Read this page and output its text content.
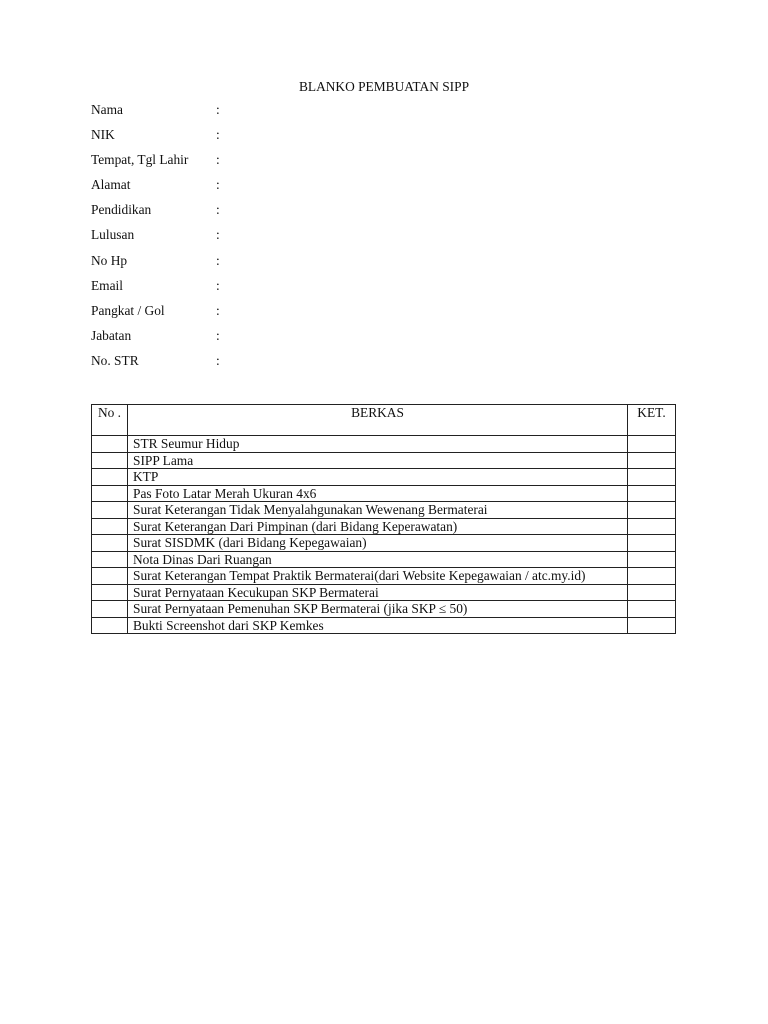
BLANKO PEMBUATAN SIPP
Nama	:
NIK	:
Tempat, Tgl Lahir :
Alamat	:
Pendidikan	:
Lulusan	:
No Hp	:
Email	:
Pangkat / Gol	:
Jabatan	:
No. STR	:
No .	BERKAS	KET.
	STR Seumur Hidup	
	SIPP Lama	
	KTP	
	Pas Foto Latar Merah Ukuran 4x6	
	Surat Keterangan Tidak Menyalahgunakan Wewenang Bermaterai	
	Surat Keterangan Dari Pimpinan (dari Bidang Keperawatan)	
	Surat SISDMK (dari Bidang Kepegawaian)	
	Nota Dinas Dari Ruangan	
	Surat Keterangan Tempat Praktik Bermaterai(dari Website Kepegawaian / atc.my.id)	
	Surat Pernyataan Kecukupan SKP Bermaterai	
	Surat Pernyataan Pemenuhan SKP Bermaterai (jika SKP ≤ 50)	
	Bukti Screenshot dari SKP Kemkes	
